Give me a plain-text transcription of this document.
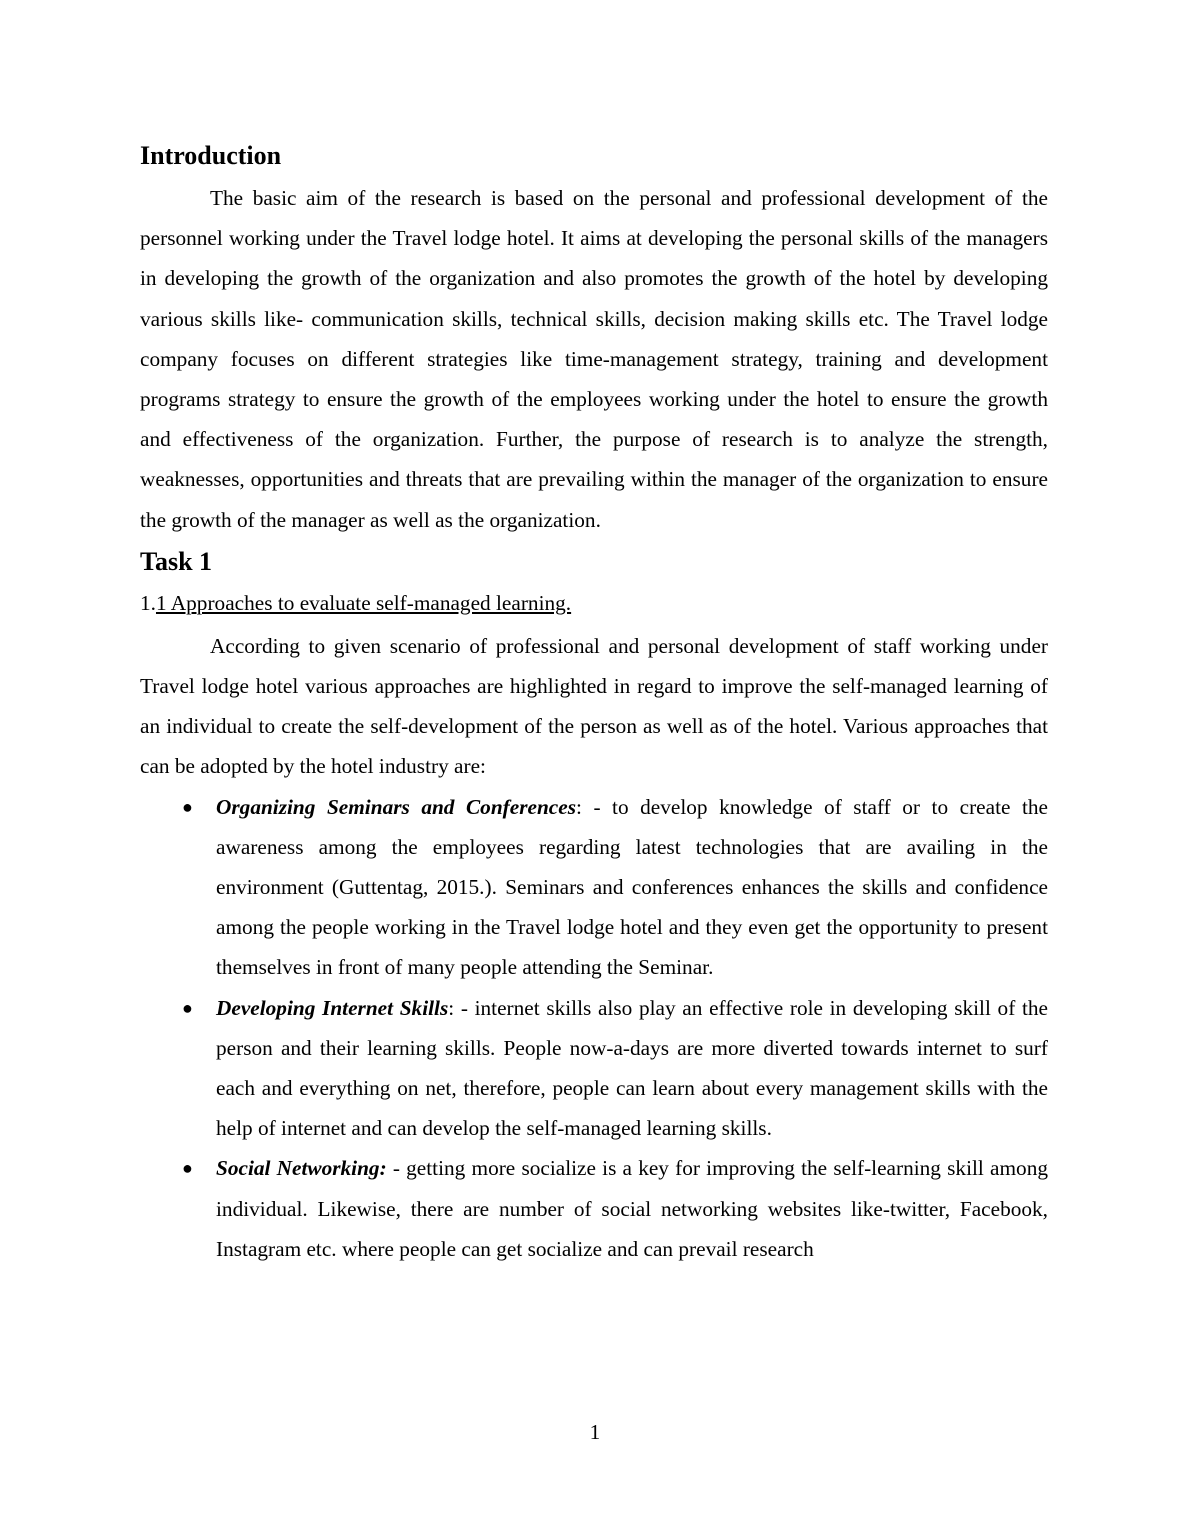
Introduction

The basic aim of the research is based on the personal and professional development of the personnel working under the Travel lodge hotel. It aims at developing the personal skills of the managers in developing the growth of the organization and also promotes the growth of the hotel by developing various skills like- communication skills, technical skills, decision making skills etc. The Travel lodge company focuses on different strategies like time-management strategy, training and development programs strategy to ensure the growth of the employees working under the hotel to ensure the growth and effectiveness of the organization. Further, the purpose of research is to analyze the strength, weaknesses, opportunities and threats that are prevailing within the manager of the organization to ensure the growth of the manager as well as the organization.

Task 1

1.1 Approaches to evaluate self-managed learning.

According to given scenario of professional and personal development of staff working under Travel lodge hotel various approaches are highlighted in regard to improve the self-managed learning of an individual to create the self-development of the person as well as of the hotel. Various approaches that can be adopted by the hotel industry are:

●	Organizing Seminars and Conferences: - to develop knowledge of staff or to create the awareness among the employees regarding latest technologies that are availing in the environment (Guttentag, 2015.). Seminars and conferences enhances the skills and confidence among the people working in the Travel lodge hotel and they even get the opportunity to present themselves in front of many people attending the Seminar.
●	Developing Internet Skills: - internet skills also play an effective role in developing skill of the person and their learning skills. People now-a-days are more diverted towards internet to surf each and everything on net, therefore, people can learn about every management skills with the help of internet and can develop the self-managed learning skills.
●	Social Networking: - getting more socialize is a key for improving the self-learning skill among individual. Likewise, there are number of social networking websites like-twitter, Facebook, Instagram etc. where people can get socialize and can prevail research
1
